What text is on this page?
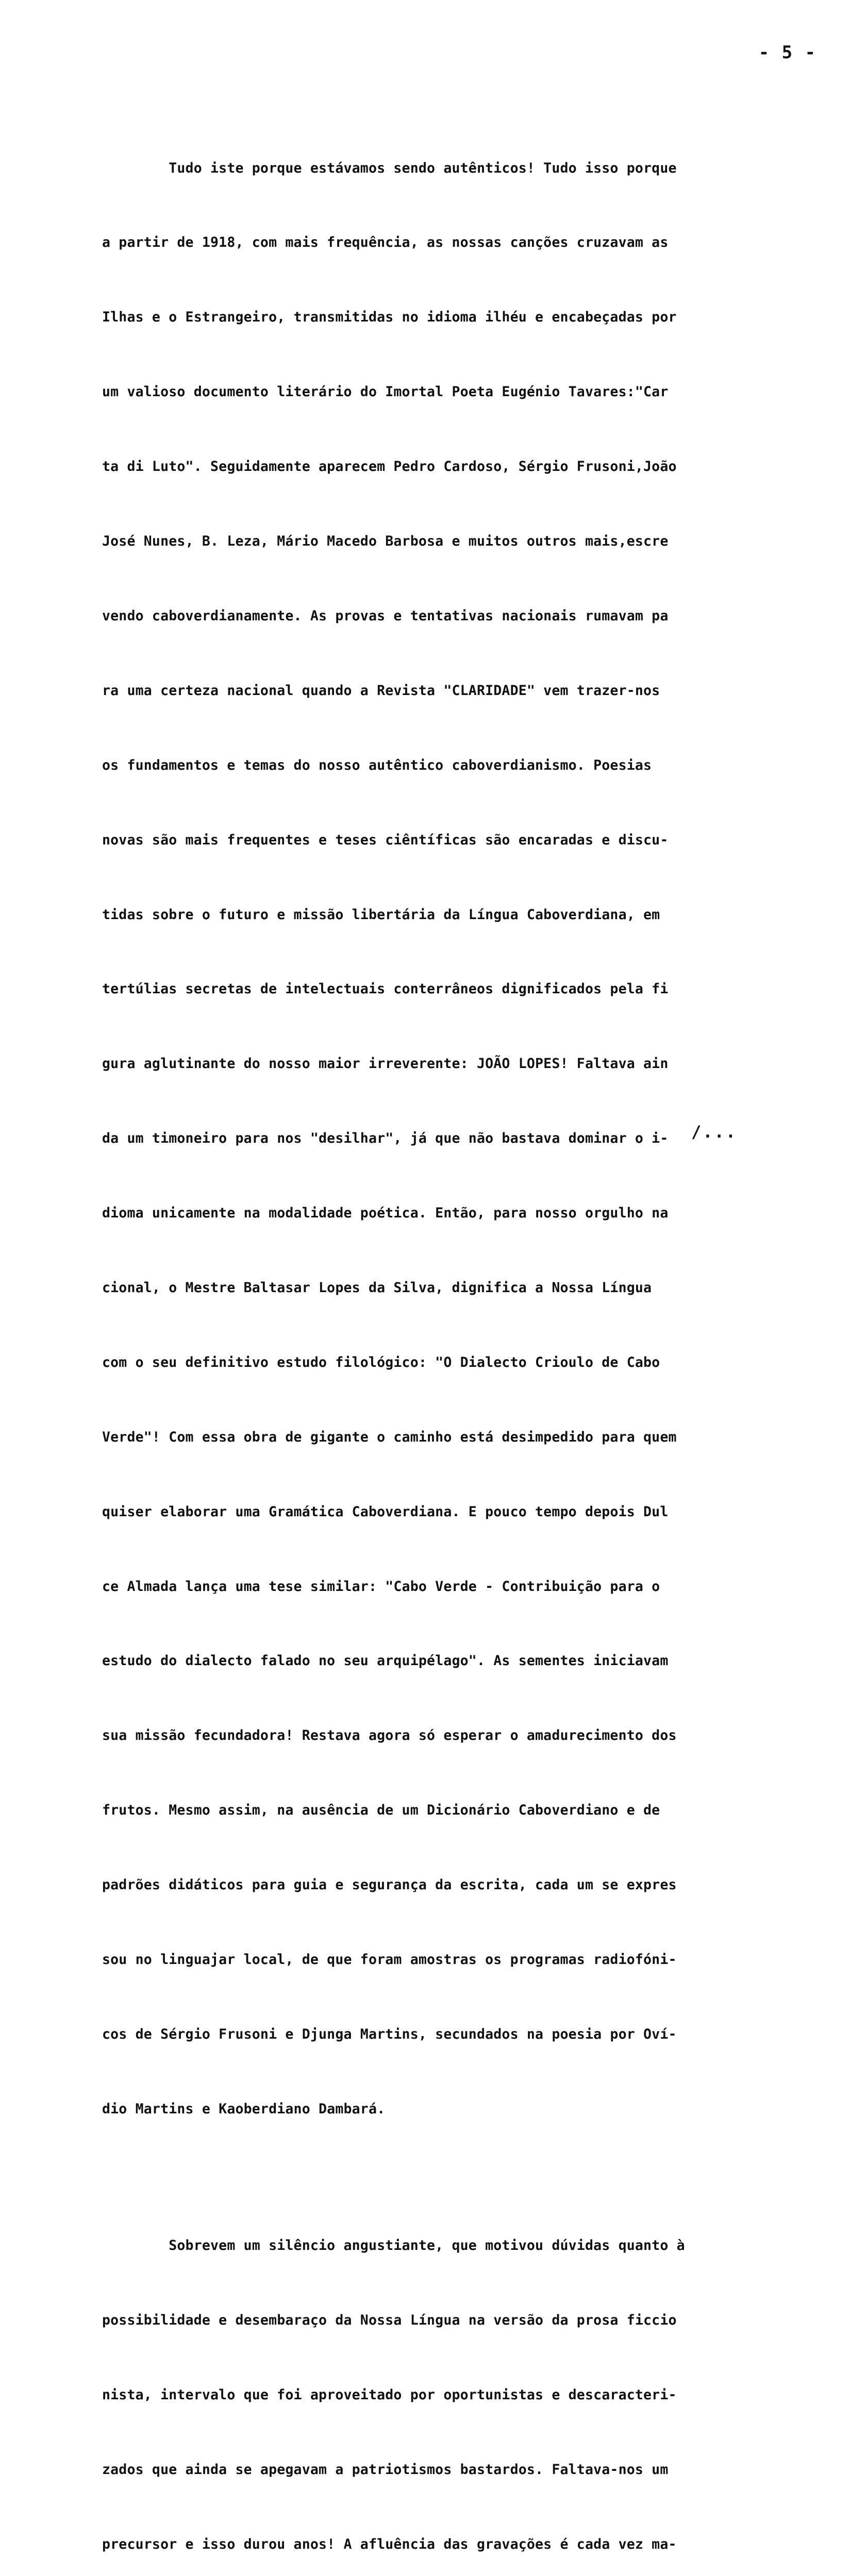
- 5 -

Tudo iste porque estávamos sendo autênticos! Tudo isso porque

a partir de 1918, com mais frequência, as nossas canções cruzavam as

Ilhas e o Estrangeiro, transmitidas no idioma ilhéu e encabeçadas por

um valioso documento literário do Imortal Poeta Eugénio Tavares:"Car

ta di Luto". Seguidamente aparecem Pedro Cardoso, Sérgio Frusoni,João

José Nunes, B. Leza, Mário Macedo Barbosa e muitos outros mais,escre

vendo caboverdianamente. As provas e tentativas nacionais rumavam pa

ra uma certeza nacional quando a Revista "CLARIDADE" vem trazer-nos

os fundamentos e temas do nosso autêntico caboverdianismo. Poesias

novas são mais frequentes e teses ciêntíficas são encaradas e discu-

tidas sobre o futuro e missão libertária da Língua Caboverdiana, em

tertúlias secretas de intelectuais conterrâneos dignificados pela fi

gura aglutinante do nosso maior irreverente: JOÃO LOPES! Faltava ain

da um timoneiro para nos "desilhar", já que não bastava dominar o i-

dioma unicamente na modalidade poética. Então, para nosso orgulho na

cional, o Mestre Baltasar Lopes da Silva, dignifica a Nossa Língua

com o seu definitivo estudo filológico: "O Dialecto Crioulo de Cabo

Verde"! Com essa obra de gigante o caminho está desimpedido para quem

quiser elaborar uma Gramática Caboverdiana. E pouco tempo depois Dul

ce Almada lança uma tese similar: "Cabo Verde - Contribuição para o

estudo do dialecto falado no seu arquipélago". As sementes iniciavam

sua missão fecundadora! Restava agora só esperar o amadurecimento dos

frutos. Mesmo assim, na ausência de um Dicionário Caboverdiano e de

padrões didáticos para guia e segurança da escrita, cada um se expres

sou no linguajar local, de que foram amostras os programas radiofóni-

cos de Sérgio Frusoni e Djunga Martins, secundados na poesia por Oví-

dio Martins e Kaoberdiano Dambará.

Sobrevem um silêncio angustiante, que motivou dúvidas quanto à

possibilidade e desembaraço da Nossa Língua na versão da prosa ficcio

nista, intervalo que foi aproveitado por oportunistas e descaracteri-

zados que ainda se apegavam a patriotismos bastardos. Faltava-nos um

precursor e isso durou anos! A afluência das gravações é cada vez ma-

/...
